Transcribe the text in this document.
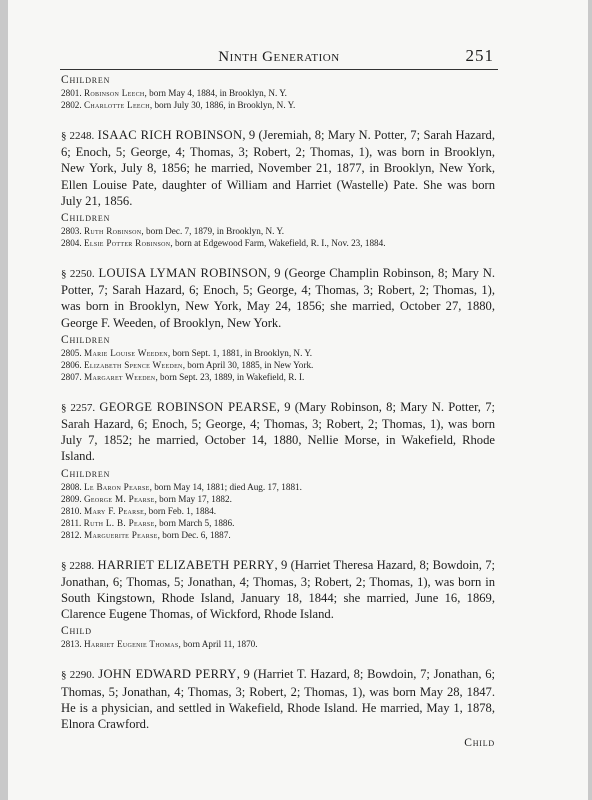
Ninth Generation	251
Children
2801. Robinson Leech, born May 4, 1884, in Brooklyn, N. Y.
2802. Charlotte Leech, born July 30, 1886, in Brooklyn, N. Y.
§ 2248. ISAAC RICH ROBINSON, 9 (Jeremiah, 8; Mary N. Potter, 7; Sarah Hazard, 6; Enoch, 5; George, 4; Thomas, 3; Robert, 2; Thomas, 1), was born in Brooklyn, New York, July 8, 1856; he married, November 21, 1877, in Brooklyn, New York, Ellen Louise Pate, daughter of William and Harriet (Wastelle) Pate. She was born July 21, 1856.
Children
2803. Ruth Robinson, born Dec. 7, 1879, in Brooklyn, N. Y.
2804. Elsie Potter Robinson, born at Edgewood Farm, Wakefield, R. I., Nov. 23, 1884.
§ 2250. LOUISA LYMAN ROBINSON, 9 (George Champlin Robinson, 8; Mary N. Potter, 7; Sarah Hazard, 6; Enoch, 5; George, 4; Thomas, 3; Robert, 2; Thomas, 1), was born in Brooklyn, New York, May 24, 1856; she married, October 27, 1880, George F. Weeden, of Brooklyn, New York.
Children
2805. Marie Louise Weeden, born Sept. 1, 1881, in Brooklyn, N. Y.
2806. Elizabeth Spence Weeden, born April 30, 1885, in New York.
2807. Margaret Weeden, born Sept. 23, 1889, in Wakefield, R. I.
§ 2257. GEORGE ROBINSON PEARSE, 9 (Mary Robinson, 8; Mary N. Potter, 7; Sarah Hazard, 6; Enoch, 5; George, 4; Thomas, 3; Robert, 2; Thomas, 1), was born July 7, 1852; he married, October 14, 1880, Nellie Morse, in Wakefield, Rhode Island.
Children
2808. Le Baron Pearse, born May 14, 1881; died Aug. 17, 1881.
2809. George M. Pearse, born May 17, 1882.
2810. Mary F. Pearse, born Feb. 1, 1884.
2811. Ruth L. B. Pearse, born March 5, 1886.
2812. Marguerite Pearse, born Dec. 6, 1887.
§ 2288. HARRIET ELIZABETH PERRY, 9 (Harriet Theresa Hazard, 8; Bowdoin, 7; Jonathan, 6; Thomas, 5; Jonathan, 4; Thomas, 3; Robert, 2; Thomas, 1), was born in South Kingstown, Rhode Island, January 18, 1844; she married, June 16, 1869, Clarence Eugene Thomas, of Wickford, Rhode Island.
Child
2813. Harriet Eugenie Thomas, born April 11, 1870.
§ 2290. JOHN EDWARD PERRY, 9 (Harriet T. Hazard, 8; Bowdoin, 7; Jonathan, 6; Thomas, 5; Jonathan, 4; Thomas, 3; Robert, 2; Thomas, 1), was born May 28, 1847. He is a physician, and settled in Wakefield, Rhode Island. He married, May 1, 1878, Elnora Crawford.
Child
